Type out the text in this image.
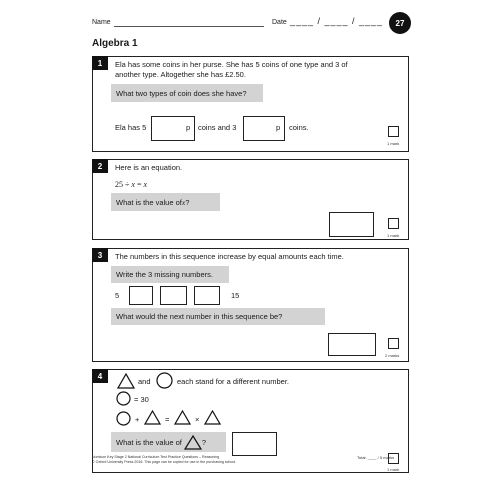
Name	Date ____ / ____ / ____	27
Algebra 1
1	Ela has some coins in her purse. She has 5 coins of one type and 3 of another type. Altogether she has £2.50.
What two types of coin does she have?
Ela has 5	p coins and 3	p coins.
1 mark
2	Here is an equation.
25 ÷ x = x
What is the value of x ?
1 mark
3	The numbers in this sequence increase by equal amounts each time.
Write the 3 missing numbers.
5	15
What would the next number in this sequence be?
2 marks
4
and	each stand for a different number.
= 30
+	=	×
What is the value of	?
1 mark
Numicon Key Stage 2 National Curriculum Test Practice Questions – Reasoning
© Oxford University Press 2016. This page can be copied for use in the purchasing school.
Total: ____ / 5 marks
